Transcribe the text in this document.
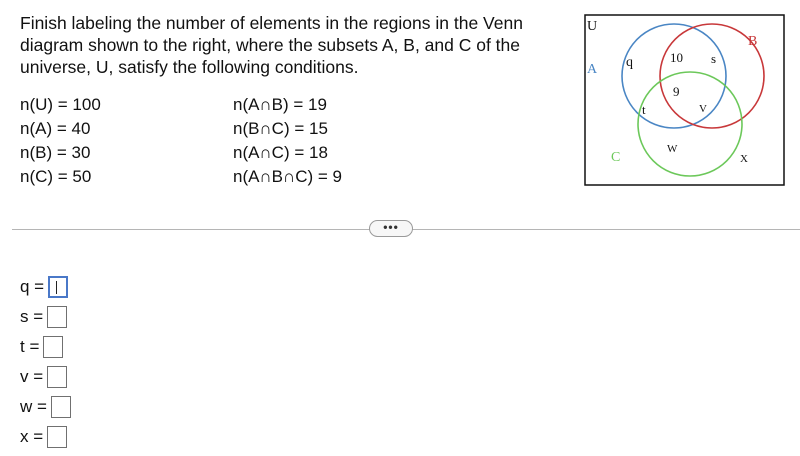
Finish labeling the number of elements in the regions in the Venn diagram shown to the right, where the subsets A, B, and C of the universe, U, satisfy the following conditions.
n(U) = 100
n(A) = 40
n(B) = 30
n(C) = 50
n(A∩B) = 19
n(B∩C) = 15
n(A∩C) = 18
n(A∩B∩C) = 9
U
A
B
C
q	10 s
t
9
V
W
X
•••
q =
s =
t =
v =
w =
x =
